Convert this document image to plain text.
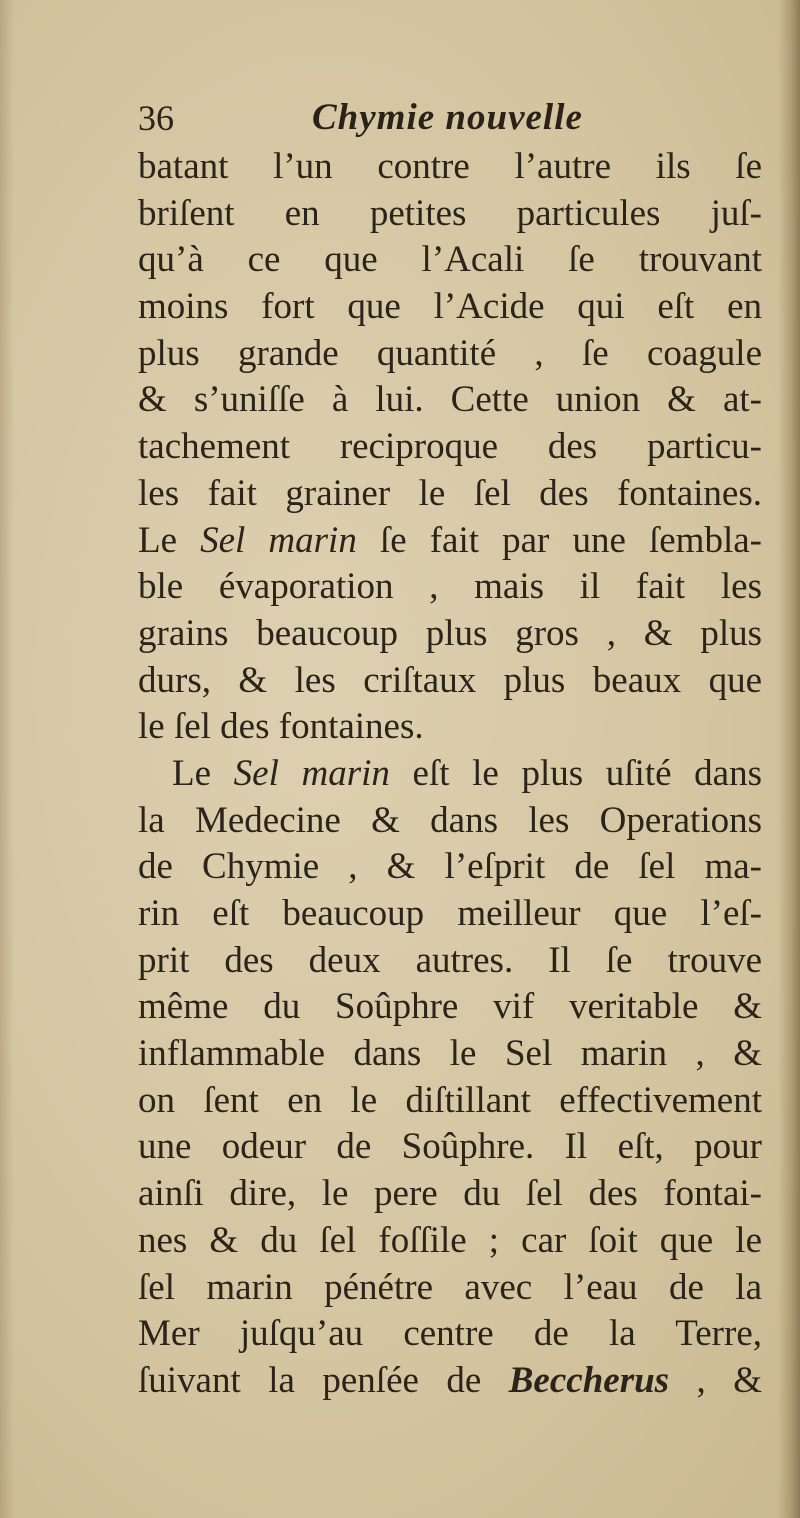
36	Chymie nouvelle
batant l’un contre l’autre ils ſe
briſent en petites particules juſ-
qu’à ce que l’Acali ſe trouvant
moins fort que l’Acide qui eſt en
plus grande quantité , ſe coagule
& s’uniſſe à lui. Cette union & at-
tachement reciproque des particu-
les fait grainer le ſel des fontaines.
Le Sel marin ſe fait par une ſembla-
ble évaporation , mais il fait les
grains beaucoup plus gros , & plus
durs, & les criſtaux plus beaux que
le ſel des fontaines.
Le Sel marin eſt le plus uſité dans
la Medecine & dans les Operations
de Chymie , & l’eſprit de ſel ma-
rin eſt beaucoup meilleur que l’eſ-
prit des deux autres. Il ſe trouve
même du Soûphre vif veritable &
inflammable dans le Sel marin , &
on ſent en le diſtillant effectivement
une odeur de Soûphre. Il eſt, pour
ainſi dire, le pere du ſel des fontai-
nes & du ſel foſſile ; car ſoit que le
ſel marin pénétre avec l’eau de la
Mer juſqu’au centre de la Terre,
ſuivant la penſée de Beccherus , &
